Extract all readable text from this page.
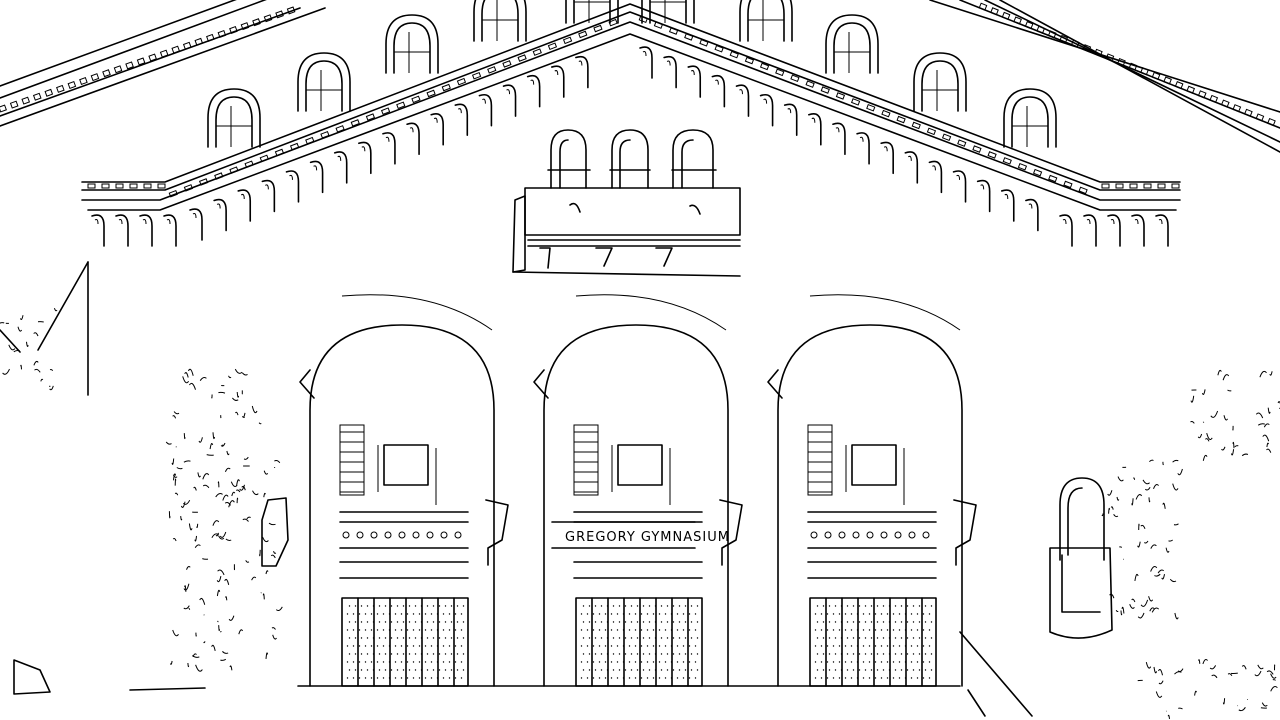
GREGORY GYMNASIUM
